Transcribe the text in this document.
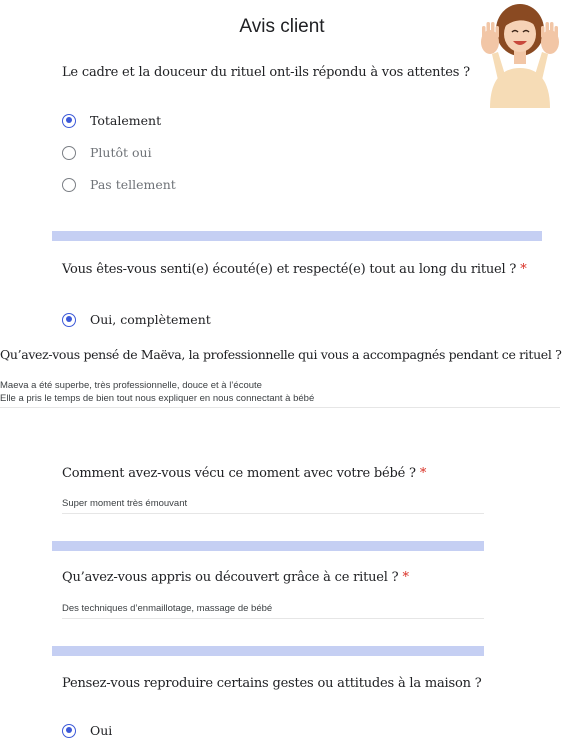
Avis client
Le cadre et la douceur du rituel ont-ils répondu à vos attentes ?
Totalement
Plutôt oui
Pas tellement
Vous êtes-vous senti(e) écouté(e) et respecté(e) tout au long du rituel ? *
Oui, complètement
Qu’avez-vous pensé de Maëva, la professionnelle qui vous a accompagnés pendant ce rituel ?
Maeva a été superbe, très professionnelle, douce et à l’écoute
Elle a pris le temps de bien tout nous expliquer en nous connectant à bébé
Comment avez-vous vécu ce moment avec votre bébé ? *
Super moment très émouvant
Qu’avez-vous appris ou découvert grâce à ce rituel ? *
Des techniques d’enmaillotage, massage de bébé
Pensez-vous reproduire certains gestes ou attitudes à la maison ?
Oui
